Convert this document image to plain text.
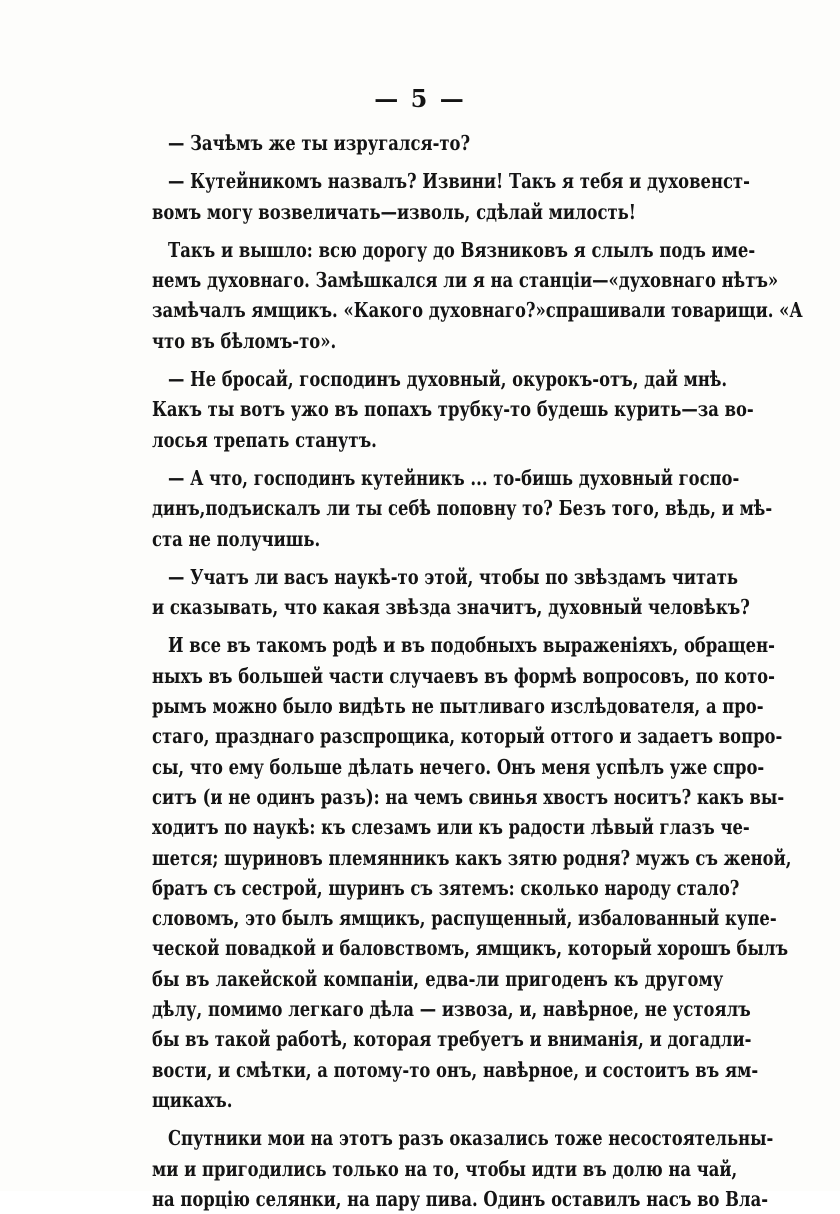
— 5 —
— Зачѣмъ же ты изругался-то?
— Кутейникомъ назвалъ? Извини! Такъ я тебя и духовенст-
вомъ могу возвеличать—изволь, сдѣлай милость!
Такъ и вышло: всю дорогу до Вязниковъ я слылъ подъ име-
немъ духовнаго. Замѣшкался ли я на станціи—«духовнаго нѣтъ»
замѣчалъ ямщикъ. «Какого духовнаго?»спрашивали товарищи. «А
что въ бѣломъ-то».
— Не бросай, господинъ духовный, окурокъ-отъ, дай мнѣ.
Какъ ты вотъ ужо въ попахъ трубку-то будешь курить—за во-
лосья трепать станутъ.
— А что, господинъ кутейникъ ... то-бишь духовный госпо-
динъ,подъискалъ ли ты себѣ поповну то? Безъ того, вѣдь, и мѣ-
ста не получишь.
— Учатъ ли васъ наукѣ-то этой, чтобы по звѣздамъ читать
и сказывать, что какая звѣзда значитъ, духовный человѣкъ?
И все въ такомъ родѣ и въ подобныхъ выраженіяхъ, обращен-
ныхъ въ большей части случаевъ въ формѣ вопросовъ, по кото-
рымъ можно было видѣть не пытливаго изслѣдователя, а про-
стаго, празднаго разспрощика, который оттого и задаетъ вопро-
сы, что ему больше дѣлать нечего. Онъ меня успѣлъ уже спро-
ситъ (и не одинъ разъ): на чемъ свинья хвостъ носитъ? какъ вы-
ходитъ по наукѣ: къ слезамъ или къ радости лѣвый глазъ че-
шется; шуриновъ племянникъ какъ зятю родня? мужъ съ женой,
братъ съ сестрой, шуринъ съ зятемъ: сколько народу стало?
словомъ, это былъ ямщикъ, распущенный, избалованный купе-
ческой повадкой и баловствомъ, ямщикъ, который хорошъ былъ
бы въ лакейской компаніи, едва-ли пригоденъ къ другому
дѣлу, помимо легкаго дѣла — извоза, и, навѣрное, не устоялъ
бы въ такой работѣ, которая требуетъ и вниманія, и догадли-
вости, и смѣтки, а потому-то онъ, навѣрное, и состоитъ въ ям-
щикахъ.
Спутники мои на этотъ разъ оказались тоже несостоятельны-
ми и пригодились только на то, чтобы идти въ долю на чай,
на порцію селянки, на пару пива. Одинъ оставилъ насъ во Вла-
